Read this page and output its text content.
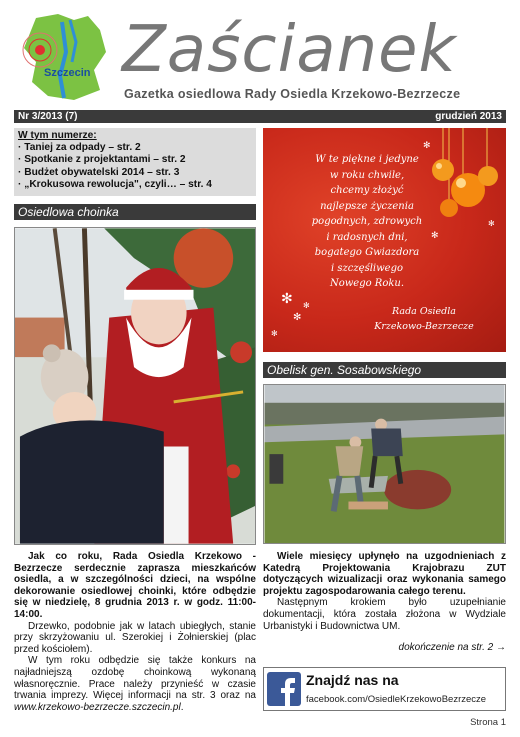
Szczecin Zaścianek
Gazetka osiedlowa Rady Osiedla Krzekowo-Bezrzecze
Nr 3/2013 (7)	grudzień 2013
W tym numerze:
· Taniej za odpady – str. 2
· Spotkanie z projektantami – str. 2
· Budżet obywatelski 2014 – str. 3
· „Krokusowa rewolucja", czyli… – str. 4
✻
✻
✻
✻
✻
✻
✻
W te piękne i jedyne
w roku chwile,
chcemy złożyć
najlepsze życzenia
pogodnych, zdrowych
i radosnych dni,
bogatego Gwiazdora
i szczęśliwego
Nowego Roku.
Rada Osiedla
Krzekowo-Bezrzecze
Osiedlowa choinka

Jak co roku, Rada Osiedla Krzekowo -Bezrzecze serdecznie zaprasza mieszkańców osiedla, a w szczególności dzieci, na wspólne dekorowanie osiedlowej choinki, które odbędzie się w niedzielę, 8 grudnia 2013 r. w godz. 11:00-14:00.

Drzewko, podobnie jak w latach ubiegłych, stanie przy skrzyżowaniu ul. Szerokiej i Żołnierskiej (plac przed kościołem).

W tym roku odbędzie się także konkurs na najładniejszą ozdobę choinkową wykonaną własnoręcznie. Prace należy przynieść w czasie trwania imprezy. Więcej informacji na str. 3 oraz na www.krzekowo-bezrzecze.szczecin.pl.

Obelisk gen. Sosabowskiego

Wiele miesięcy upłynęło na uzgodnieniach z Katedrą Projektowania Krajobrazu ZUT dotyczących wizualizacji oraz wykonania samego projektu zagospodarowania całego terenu.

Następnym krokiem było uzupełnianie dokumentacji, która została złożona w Wydziale Urbanistyki i Budownictwa UM.

dokończenie na str. 2 →
Znajdź nas na
facebook.com/OsiedleKrzekowoBezrzecze
Strona 1
